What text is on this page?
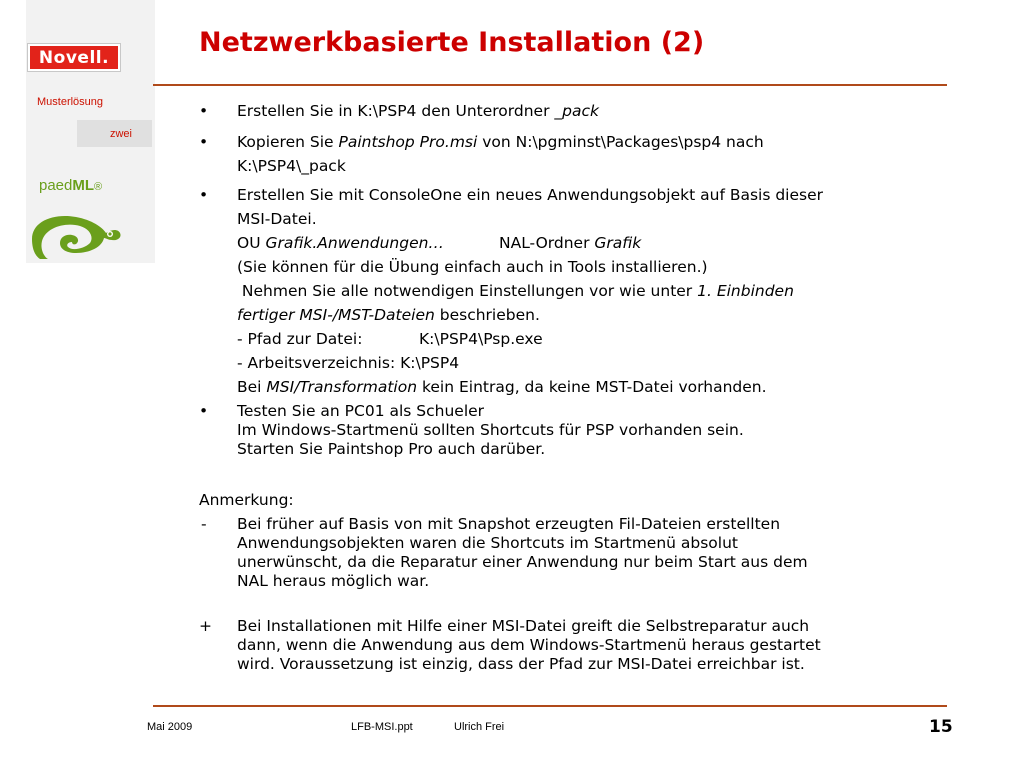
Novell.
Musterlösung
zwei
paedML®
Netzwerkbasierte Installation (2)
•	Erstellen Sie in K:\PSP4 den Unterordner _pack
•	Kopieren Sie Paintshop Pro.msi von N:\pgminst\Packages\psp4 nach
K:\PSP4\_pack
•	Erstellen Sie mit ConsoleOne ein neues Anwendungsobjekt auf Basis dieser
MSI-Datei.
OU Grafik.Anwendungen…	NAL-Ordner Grafik
(Sie können für die Übung einfach auch in Tools installieren.)
Nehmen Sie alle notwendigen Einstellungen vor wie unter 1. Einbinden
fertiger MSI-/MST-Dateien beschrieben.
- Pfad zur Datei:	K:\PSP4\Psp.exe
- Arbeitsverzeichnis: K:\PSP4
Bei MSI/Transformation kein Eintrag, da keine MST-Datei vorhanden.
•	Testen Sie an PC01 als Schueler
Im Windows-Startmenü sollten Shortcuts für PSP vorhanden sein.
Starten Sie Paintshop Pro auch darüber.
Anmerkung:
-	Bei früher auf Basis von mit Snapshot erzeugten Fil-Dateien erstellten
Anwendungsobjekten waren die Shortcuts im Startmenü absolut
unerwünscht, da die Reparatur einer Anwendung nur beim Start aus dem
NAL heraus möglich war.
+	Bei Installationen mit Hilfe einer MSI-Datei greift die Selbstreparatur auch
dann, wenn die Anwendung aus dem Windows-Startmenü heraus gestartet
wird. Voraussetzung ist einzig, dass der Pfad zur MSI-Datei erreichbar ist.
Mai 2009	LFB-MSI.ppt	Ulrich Frei	15
